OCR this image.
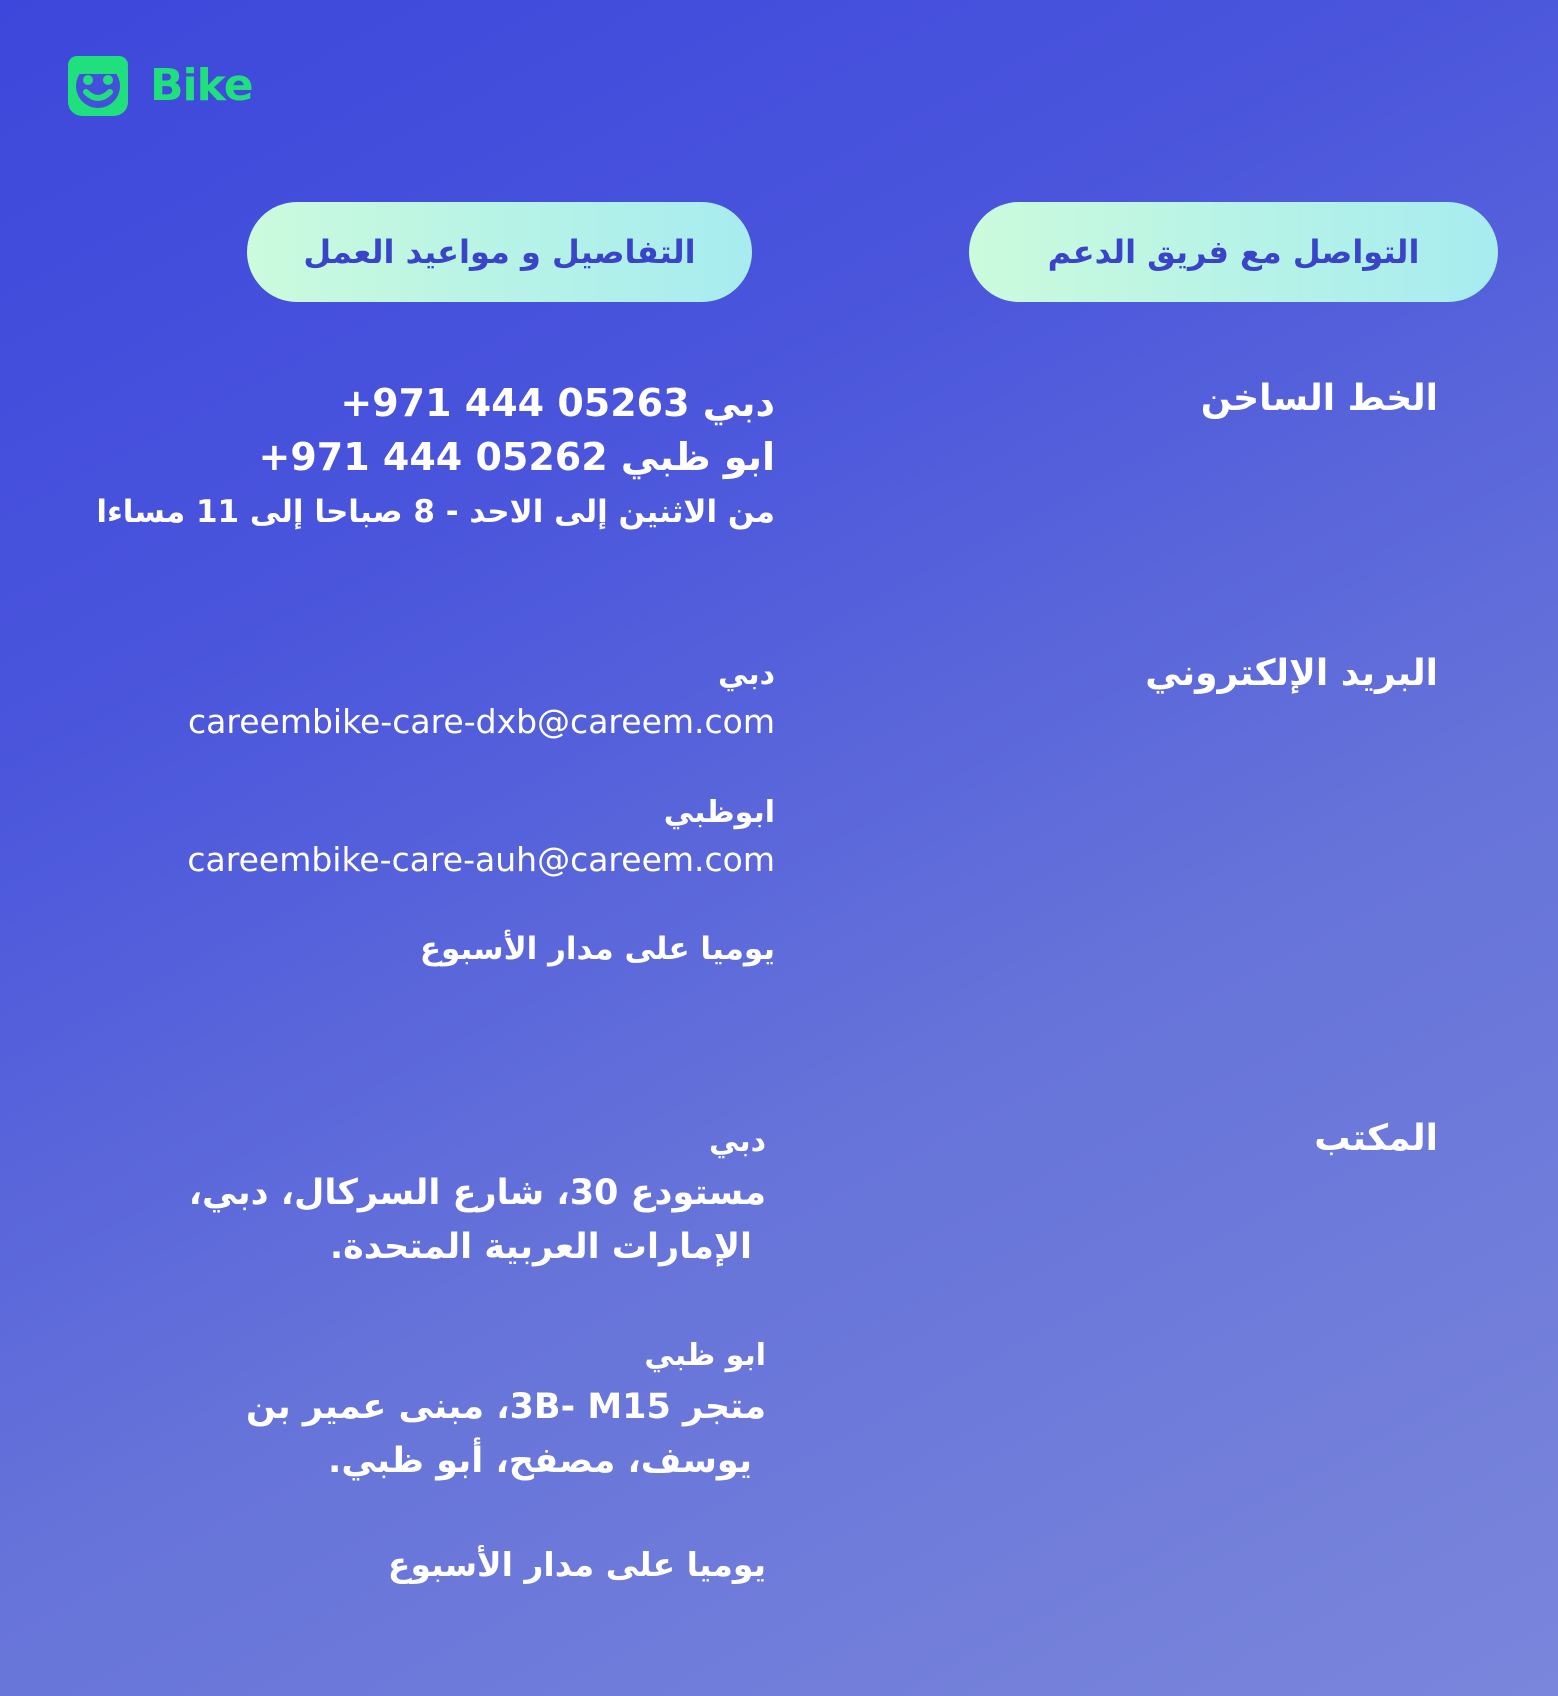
Bike
التواصل مع فريق الدعم
التفاصيل و مواعيد العمل
الخط الساخن
دبي +971 444 05263
ابو ظبي +971 444 05262
من الاثنين إلى الاحد - 8 صباحا إلى 11 مساءا
البريد الإلكتروني
دبي
careembike-care-dxb@careem.com
ابوظبي
careembike-care-auh@careem.com
يوميا على مدار الأسبوع
المكتب
دبي
مستودع 30، شارع السركال، دبي،
الإمارات العربية المتحدة.
ابو ظبي
متجر 3B- M15، مبنى عمير بن
يوسف، مصفح، أبو ظبي.
يوميا على مدار الأسبوع
